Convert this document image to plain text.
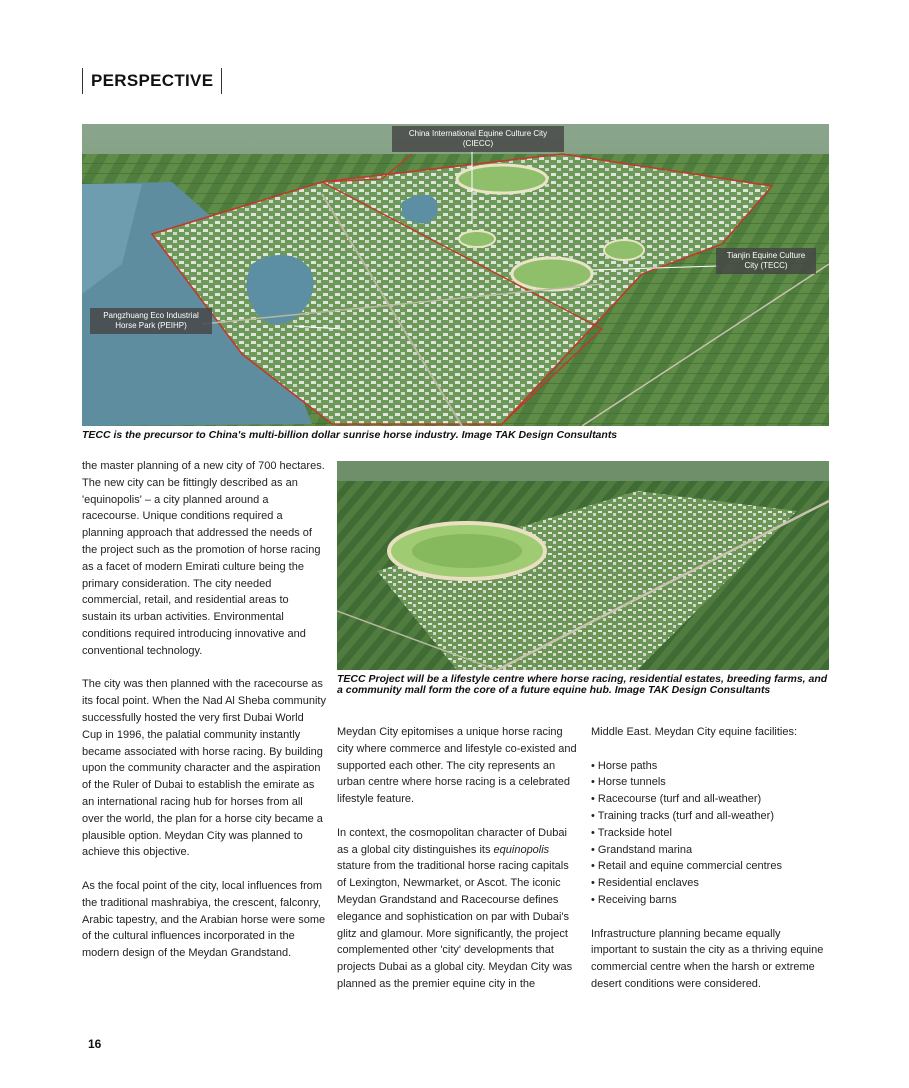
PERSPECTIVE
China International Equine Culture City (CIECC)
Tianjin Equine Culture City (TECC)
Pangzhuang Eco Industrial Horse Park (PEIHP)
TECC is the precursor to China's multi-billion dollar sunrise horse industry. Image TAK Design Consultants
TECC Project will be a lifestyle centre where horse racing, residential estates, breeding farms, and a community mall form the core of a future equine hub. Image TAK Design Consultants

the master planning of a new city of 700 hectares. The new city can be fittingly described as an 'equinopolis' – a city planned around a racecourse. Unique conditions required a planning approach that addressed the needs of the project such as the promotion of horse racing as a facet of modern Emirati culture being the primary consideration. The city needed commercial, retail, and residential areas to sustain its urban activities. Environmental conditions required introducing innovative and conventional technology.

The city was then planned with the racecourse as its focal point. When the Nad Al Sheba community successfully hosted the very first Dubai World Cup in 1996, the palatial community instantly became associated with horse racing. By building upon the community character and the aspiration of the Ruler of Dubai to establish the emirate as an international racing hub for horses from all over the world, the plan for a horse city became a plausible option. Meydan City was planned to achieve this objective.

As the focal point of the city, local influences from the traditional mashrabiya, the crescent, falconry, Arabic tapestry, and the Arabian horse were some of the cultural influences incorporated in the modern design of the Meydan Grandstand.

Meydan City epitomises a unique horse racing city where commerce and lifestyle co-existed and supported each other. The city represents an urban centre where horse racing is a celebrated lifestyle feature.

In context, the cosmopolitan character of Dubai as a global city distinguishes its equinopolis stature from the traditional horse racing capitals of Lexington, Newmarket, or Ascot. The iconic Meydan Grandstand and Racecourse defines elegance and sophistication on par with Dubai's glitz and glamour. More significantly, the project complemented other 'city' developments that projects Dubai as a global city. Meydan City was planned as the premier equine city in the

Middle East. Meydan City equine facilities:

• Horse paths
• Horse tunnels
• Racecourse (turf and all-weather)
• Training tracks (turf and all-weather)
• Trackside hotel
• Grandstand marina
• Retail and equine commercial centres
• Residential enclaves
• Receiving barns

Infrastructure planning became equally important to sustain the city as a thriving equine commercial centre when the harsh or extreme desert conditions were considered.

16
